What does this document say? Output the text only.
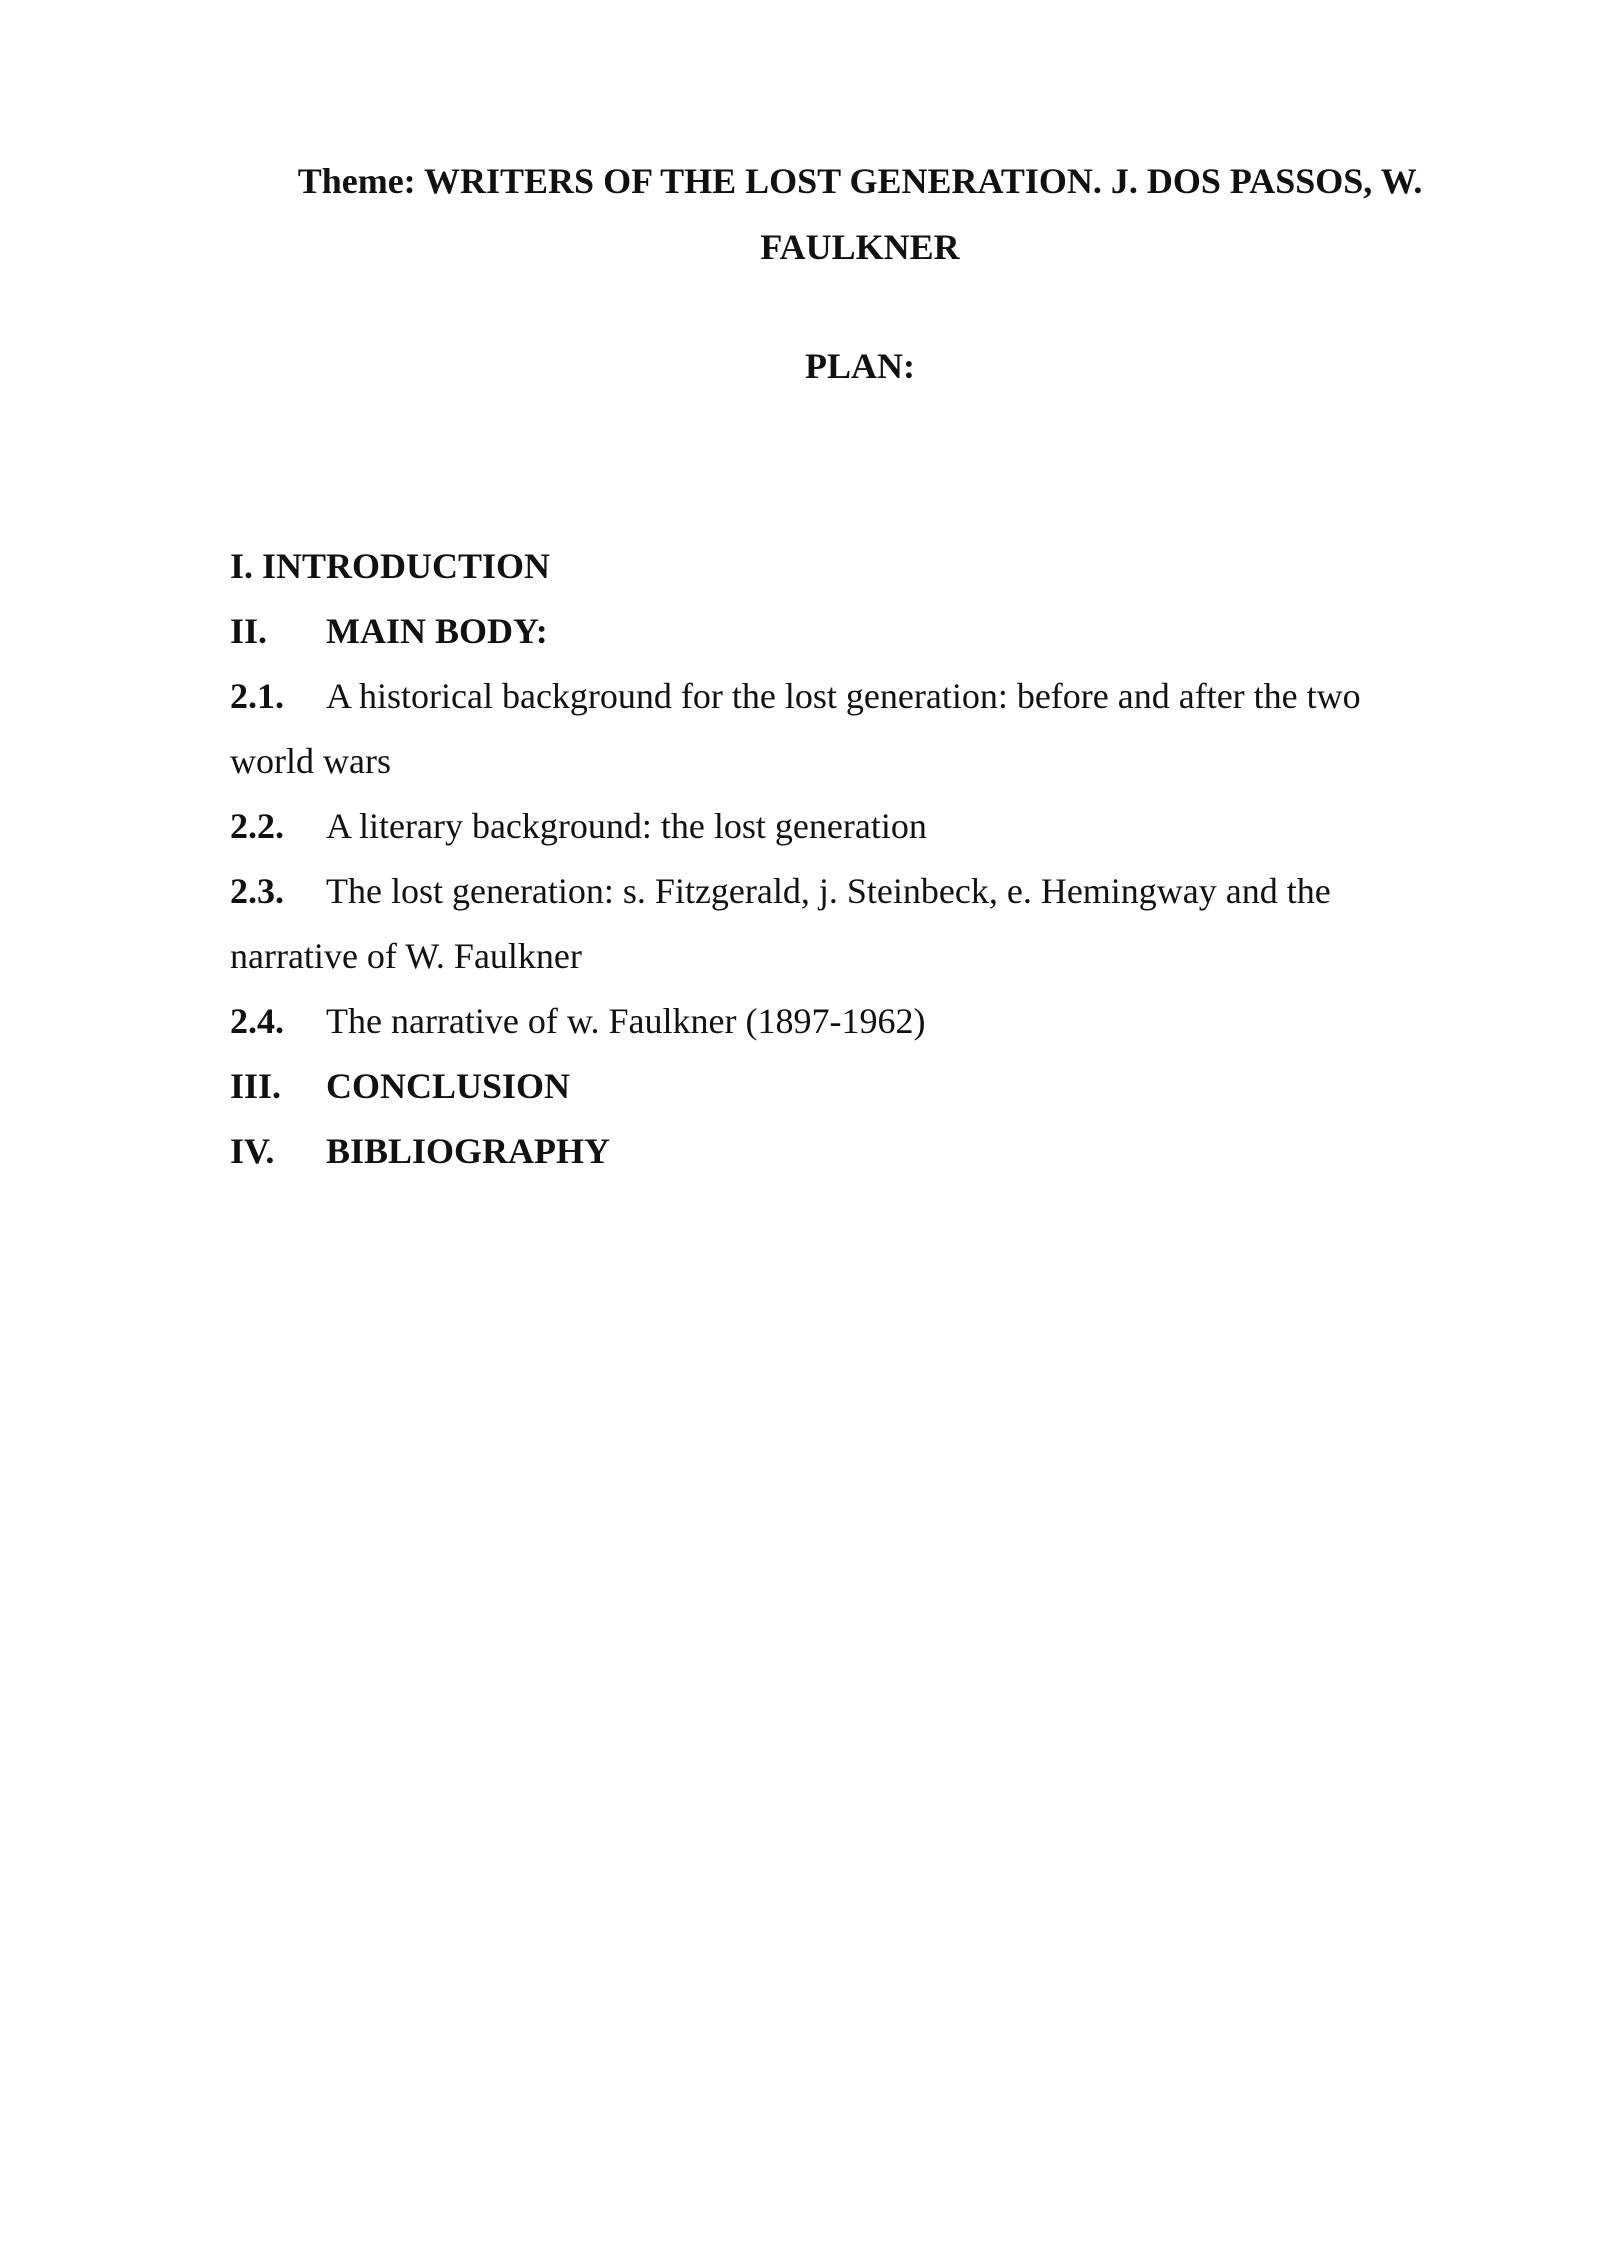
Theme: WRITERS OF THE LOST GENERATION. J. DOS PASSOS, W.
FAULKNER
PLAN:
I. INTRODUCTION
II. MAIN BODY:
2.1. A historical background for the lost generation: before and after the two
world wars
2.2. A literary background: the lost generation
2.3. The lost generation: s. Fitzgerald, j. Steinbeck, e. Hemingway and the
narrative of W. Faulkner
2.4. The narrative of w. Faulkner (1897-1962)
III. CONCLUSION
IV. BIBLIOGRAPHY
